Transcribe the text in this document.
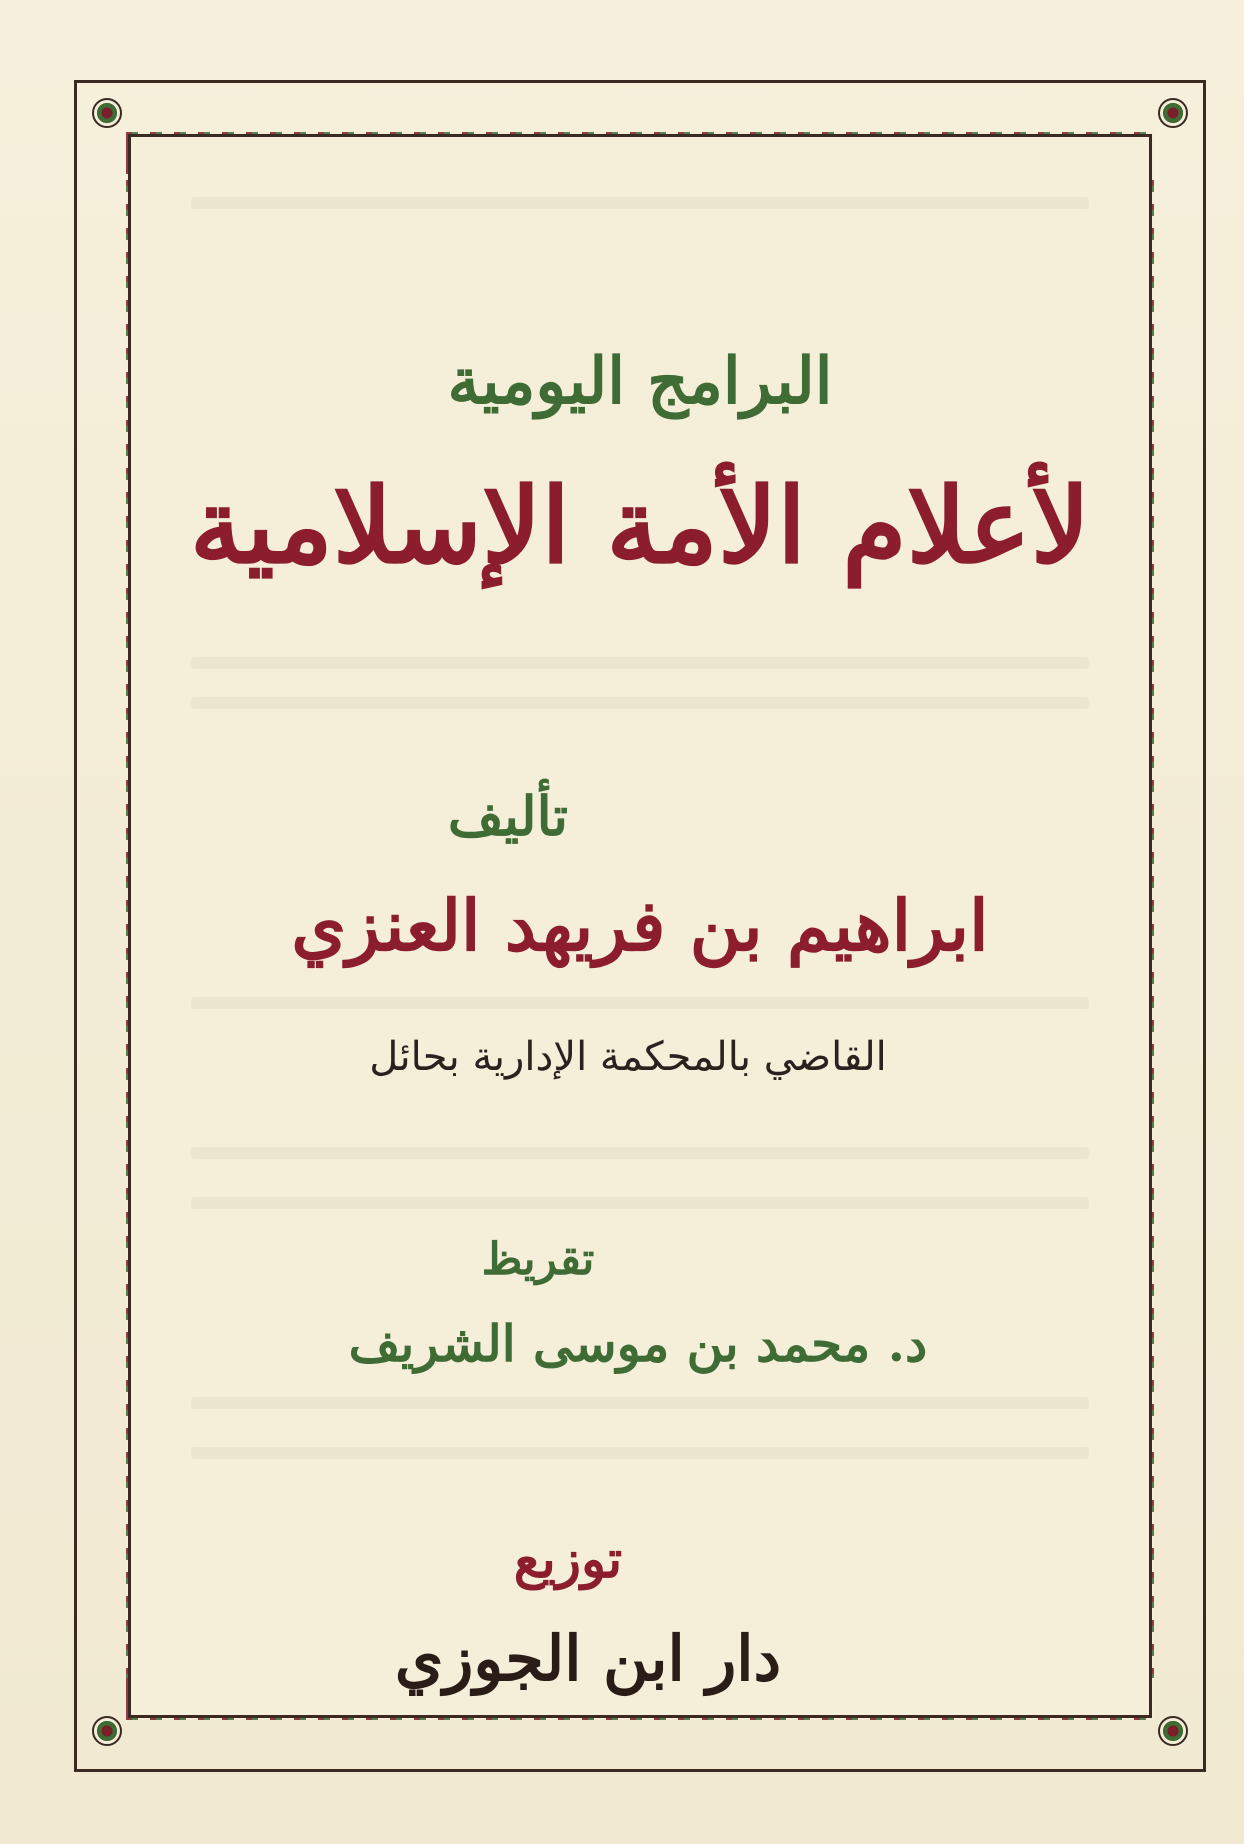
البرامج اليومية
لأعلام الأمة الإسلامية
تأليف
ابراهيم بن فريهد العنزي
القاضي بالمحكمة الإدارية بحائل
تقريظ
د. محمد بن موسى الشريف
توزيع
دار ابن الجوزي
